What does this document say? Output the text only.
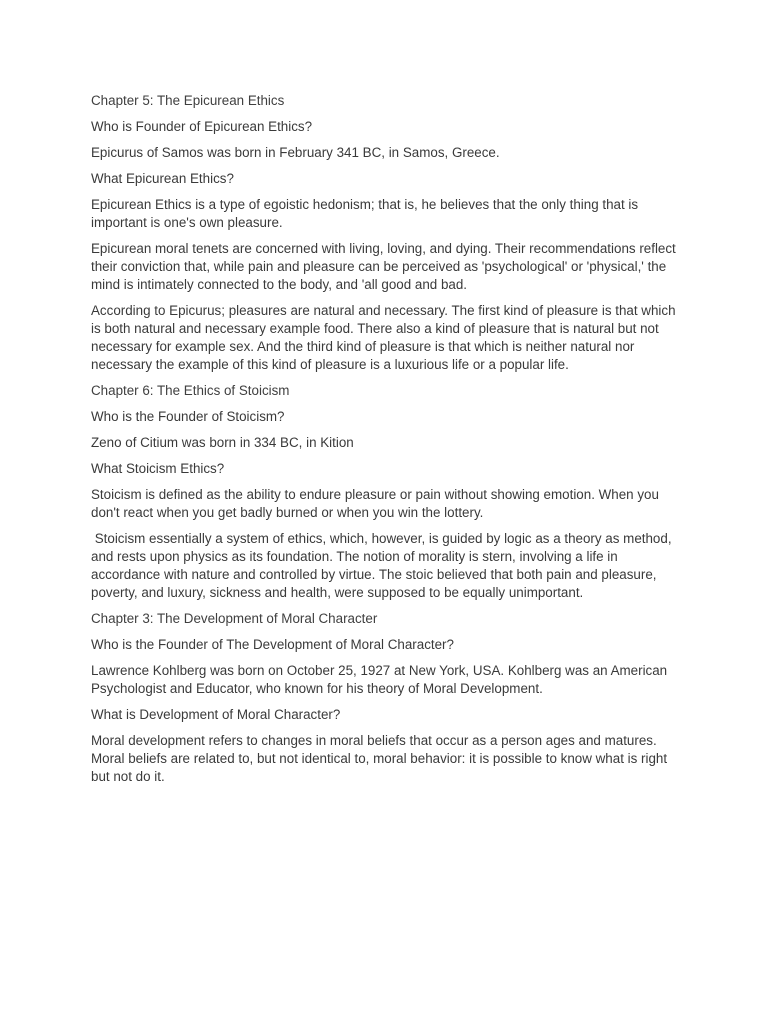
Chapter 5: The Epicurean Ethics

Who is Founder of Epicurean Ethics?

Epicurus of Samos was born in February 341 BC, in Samos, Greece.

What Epicurean Ethics?

Epicurean Ethics is a type of egoistic hedonism; that is, he believes that the only thing that is important is one's own pleasure.

Epicurean moral tenets are concerned with living, loving, and dying. Their recommendations reflect their conviction that, while pain and pleasure can be perceived as 'psychological' or 'physical,' the mind is intimately connected to the body, and 'all good and bad.

According to Epicurus; pleasures are natural and necessary. The first kind of pleasure is that which is both natural and necessary example food. There also a kind of pleasure that is natural but not necessary for example sex. And the third kind of pleasure is that which is neither natural nor necessary the example of this kind of pleasure is a luxurious life or a popular life.

Chapter 6: The Ethics of Stoicism

Who is the Founder of Stoicism?

Zeno of Citium was born in 334 BC, in Kition

What Stoicism Ethics?

Stoicism is defined as the ability to endure pleasure or pain without showing emotion. When you don't react when you get badly burned or when you win the lottery.

Stoicism essentially a system of ethics, which, however, is guided by logic as a theory as method, and rests upon physics as its foundation. The notion of morality is stern, involving a life in accordance with nature and controlled by virtue. The stoic believed that both pain and pleasure, poverty, and luxury, sickness and health, were supposed to be equally unimportant.

Chapter 3: The Development of Moral Character

Who is the Founder of The Development of Moral Character?

Lawrence Kohlberg was born on October 25, 1927 at New York, USA. Kohlberg was an American Psychologist and Educator, who known for his theory of Moral Development.

What is Development of Moral Character?

Moral development refers to changes in moral beliefs that occur as a person ages and matures. Moral beliefs are related to, but not identical to, moral behavior: it is possible to know what is right but not do it.
